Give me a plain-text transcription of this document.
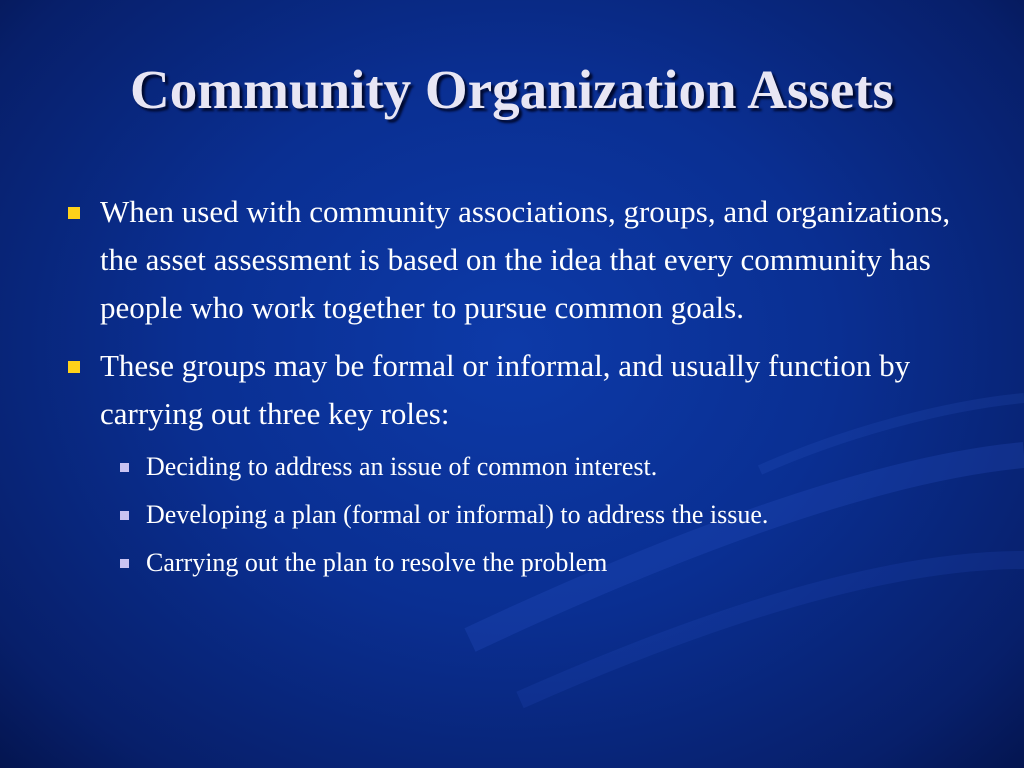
Community Organization Assets
When used with community associations, groups, and organizations, the asset assessment is based on the idea that every community has people who work together to pursue common goals.
These groups may be formal or informal, and usually function by carrying out three key roles:
Deciding to address an issue of common interest.
Developing a plan (formal or informal) to address the issue.
Carrying out the plan to resolve the problem
